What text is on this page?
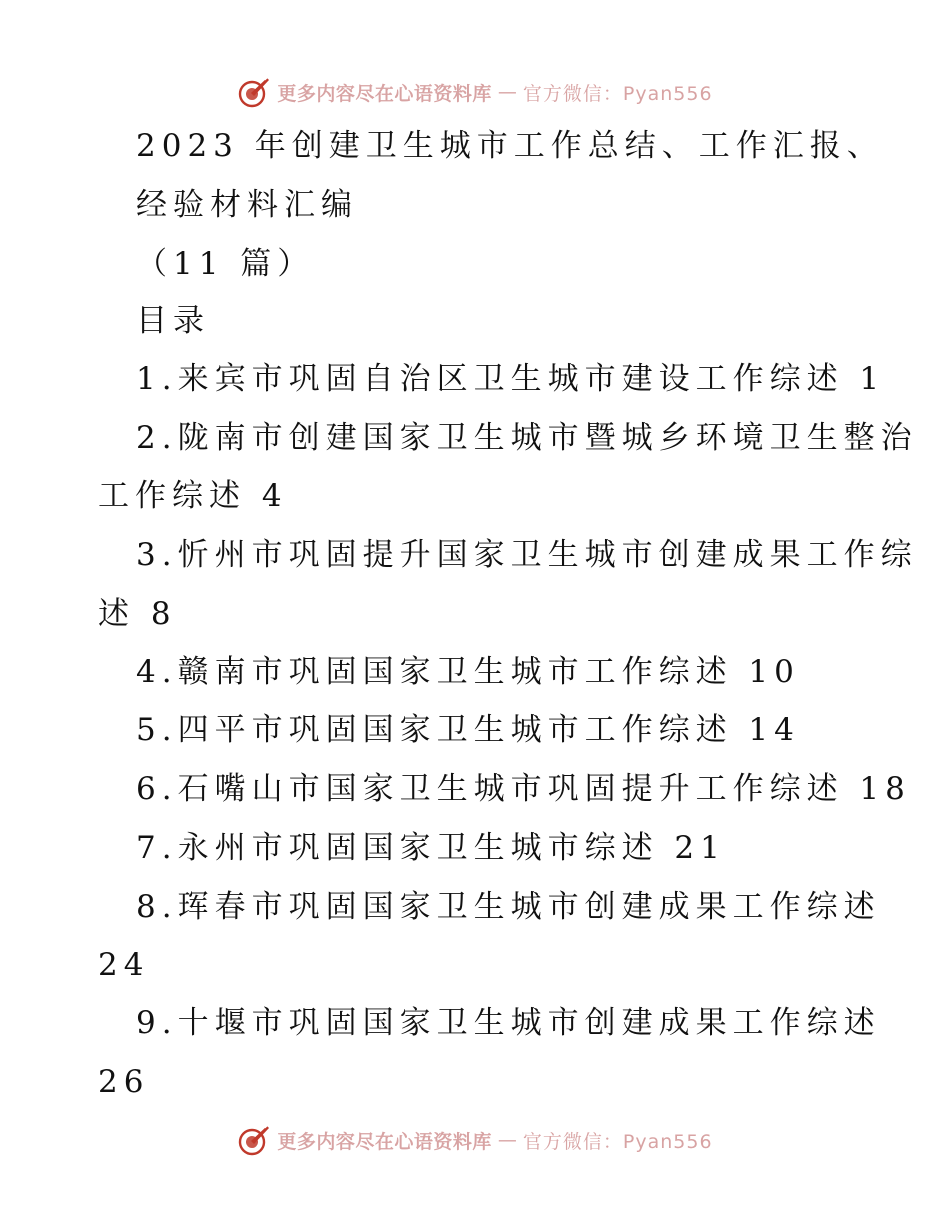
更多内容尽在心语资料库 — 官方微信：Pyan556
2023 年创建卫生城市工作总结、工作汇报、
经验材料汇编
（11 篇）
目录
1.来宾市巩固自治区卫生城市建设工作综述 1
2.陇南市创建国家卫生城市暨城乡环境卫生整治
工作综述 4
3.忻州市巩固提升国家卫生城市创建成果工作综
述 8
4.赣南市巩固国家卫生城市工作综述 10
5.四平市巩固国家卫生城市工作综述 14
6.石嘴山市国家卫生城市巩固提升工作综述 18
7.永州市巩固国家卫生城市综述 21
8.珲春市巩固国家卫生城市创建成果工作综述
24
9.十堰市巩固国家卫生城市创建成果工作综述
26
更多内容尽在心语资料库 — 官方微信：Pyan556
